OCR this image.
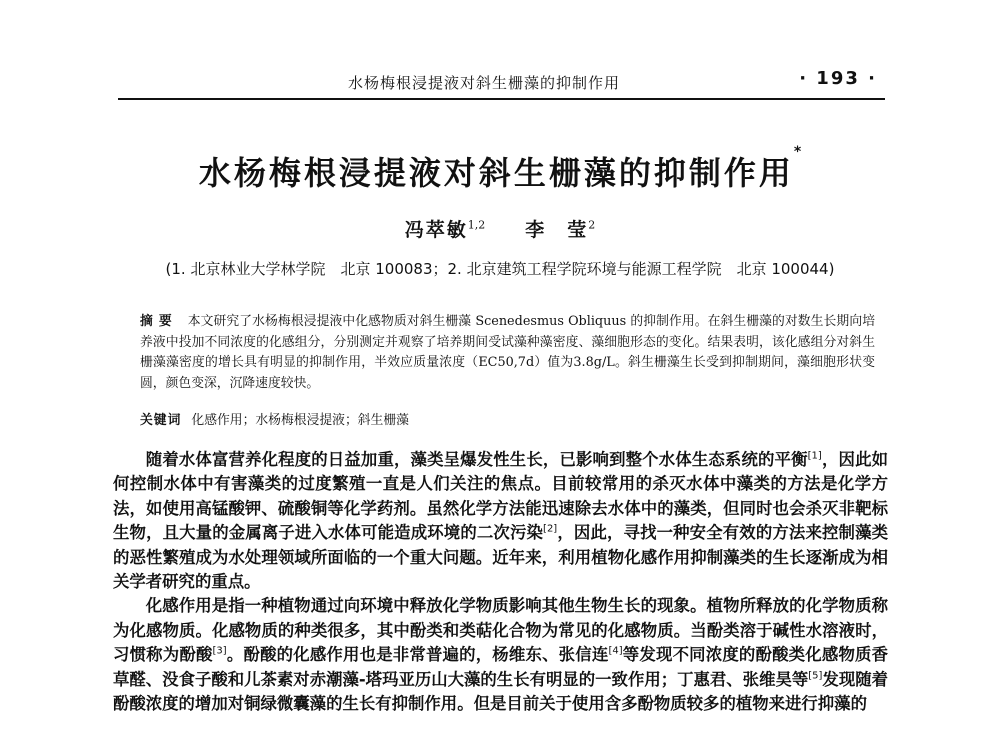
水杨梅根浸提液对斜生栅藻的抑制作用	· 193 ·
水杨梅根浸提液对斜生栅藻的抑制作用*
冯萃敏$^{1,2}$ 李　莹$^2$
(1. 北京林业大学林学院　北京 100083；2. 北京建筑工程学院环境与能源工程学院　北京 100044)
摘要 本文研究了水杨梅根浸提液中化感物质对斜生栅藻 Scenedesmus Obliquus 的抑制作用。在斜生栅藻的对数生长期向培养液中投加不同浓度的化感组分，分别测定并观察了培养期间受试藻种藻密度、藻细胞形态的变化。结果表明，该化感组分对斜生栅藻藻密度的增长具有明显的抑制作用，半效应质量浓度（EC50,7d）值为3.8g/L。斜生栅藻生长受到抑制期间，藻细胞形状变圆，颜色变深，沉降速度较快。
关键词 化感作用；水杨梅根浸提液；斜生栅藻

随着水体富营养化程度的日益加重，藻类呈爆发性生长，已影响到整个水体生态系统的平衡[1]，因此如何控制水体中有害藻类的过度繁殖一直是人们关注的焦点。目前较常用的杀灭水体中藻类的方法是化学方法，如使用高锰酸钾、硫酸铜等化学药剂。虽然化学方法能迅速除去水体中的藻类，但同时也会杀灭非靶标生物，且大量的金属离子进入水体可能造成环境的二次污染[2]，因此，寻找一种安全有效的方法来控制藻类的恶性繁殖成为水处理领域所面临的一个重大问题。近年来，利用植物化感作用抑制藻类的生长逐渐成为相关学者研究的重点。

化感作用是指一种植物通过向环境中释放化学物质影响其他生物生长的现象。植物所释放的化学物质称为化感物质。化感物质的种类很多，其中酚类和类萜化合物为常见的化感物质。当酚类溶于碱性水溶液时，习惯称为酚酸[3]。酚酸的化感作用也是非常普遍的，杨维东、张信连[4]等发现不同浓度的酚酸类化感物质香草醛、没食子酸和儿茶素对赤潮藻-塔玛亚历山大藻的生长有明显的一致作用；丁惠君、张维昊等[5]发现随着酚酸浓度的增加对铜绿微囊藻的生长有抑制作用。但是目前关于使用含多酚物质较多的植物来进行抑藻的
